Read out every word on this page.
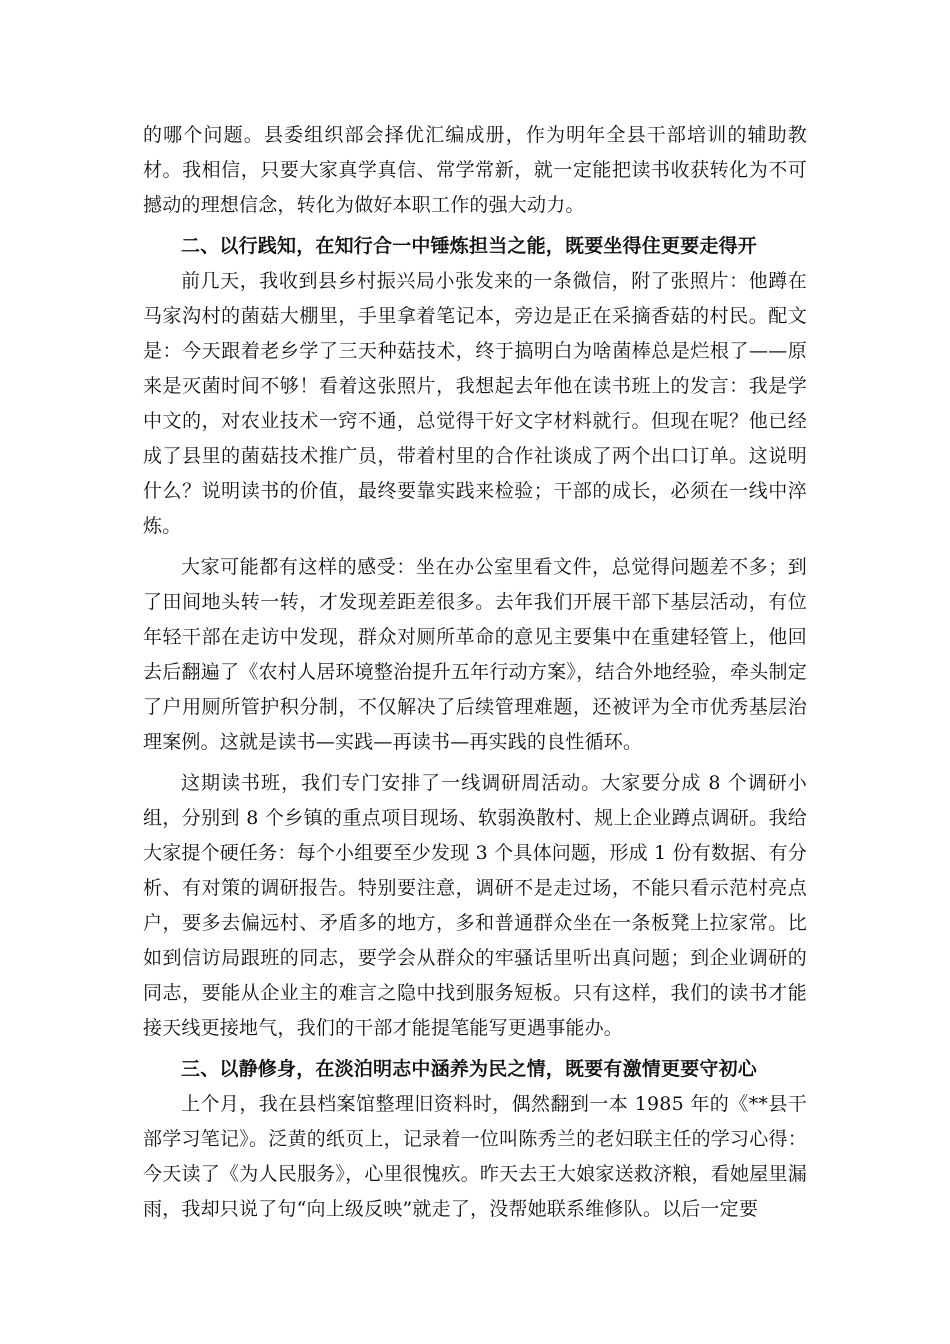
的哪个问题。县委组织部会择优汇编成册，作为明年全县干部培训的辅助教材。我相信，只要大家真学真信、常学常新，就一定能把读书收获转化为不可撼动的理想信念，转化为做好本职工作的强大动力。

二、以行践知，在知行合一中锤炼担当之能，既要坐得住更要走得开

前几天，我收到县乡村振兴局小张发来的一条微信，附了张照片：他蹲在马家沟村的菌菇大棚里，手里拿着笔记本，旁边是正在采摘香菇的村民。配文是：今天跟着老乡学了三天种菇技术，终于搞明白为啥菌棒总是烂根了——原来是灭菌时间不够！看着这张照片，我想起去年他在读书班上的发言：我是学中文的，对农业技术一窍不通，总觉得干好文字材料就行。但现在呢？他已经成了县里的菌菇技术推广员，带着村里的合作社谈成了两个出口订单。这说明什么？说明读书的价值，最终要靠实践来检验；干部的成长，必须在一线中淬炼。

大家可能都有这样的感受：坐在办公室里看文件，总觉得问题差不多；到了田间地头转一转，才发现差距差很多。去年我们开展干部下基层活动，有位年轻干部在走访中发现，群众对厕所革命的意见主要集中在重建轻管上，他回去后翻遍了《农村人居环境整治提升五年行动方案》，结合外地经验，牵头制定了户用厕所管护积分制，不仅解决了后续管理难题，还被评为全市优秀基层治理案例。这就是读书—实践—再读书—再实践的良性循环。

这期读书班，我们专门安排了一线调研周活动。大家要分成 8 个调研小组，分别到 8 个乡镇的重点项目现场、软弱涣散村、规上企业蹲点调研。我给大家提个硬任务：每个小组要至少发现 3 个具体问题，形成 1 份有数据、有分析、有对策的调研报告。特别要注意，调研不是走过场，不能只看示范村亮点户，要多去偏远村、矛盾多的地方，多和普通群众坐在一条板凳上拉家常。比如到信访局跟班的同志，要学会从群众的牢骚话里听出真问题；到企业调研的同志，要能从企业主的难言之隐中找到服务短板。只有这样，我们的读书才能接天线更接地气，我们的干部才能提笔能写更遇事能办。

三、以静修身，在淡泊明志中涵养为民之情，既要有激情更要守初心

上个月，我在县档案馆整理旧资料时，偶然翻到一本 1985 年的《**县干部学习笔记》。泛黄的纸页上，记录着一位叫陈秀兰的老妇联主任的学习心得：今天读了《为人民服务》，心里很愧疚。昨天去王大娘家送救济粮，看她屋里漏雨，我却只说了句“向上级反映”就走了，没帮她联系维修队。以后一定要
